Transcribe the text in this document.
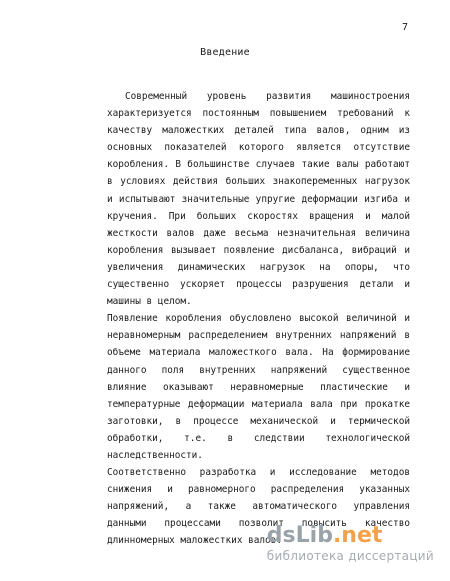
7
Введение

Современный уровень развития машиностроения характеризуется постоянным повышением требований к качеству маложестких деталей типа валов, одним из основных показателей которого является отсутствие коробления. В большинстве случаев такие валы работают в условиях действия больших знакопеременных нагрузок и испытывают значительные упругие деформации изгиба и кручения. При больших скоростях вращения и малой жесткости валов даже весьма незначительная величина коробления вызывает появление дисбаланса, вибраций и увеличения динамических нагрузок на опоры, что существенно ускоряет процессы разрушения детали и машины в целом.

Появление коробления обусловлено высокой величиной и неравномерным распределением внутренних напряжений в объеме материала маложесткого вала. На формирование данного поля внутренних напряжений существенное влияние оказывают неравномерные пластические и температурные деформации материала вала при прокатке заготовки, в процессе механической и термической обработки, т.е. в следствии технологической наследственности.

Соответственно разработка и исследование методов снижения и равномерного распределения указанных напряжений, а также автоматического управления данными процессами позволит повысить качество длинномерных маложестких валов.

dsLib.net
библиотека диссертаций
